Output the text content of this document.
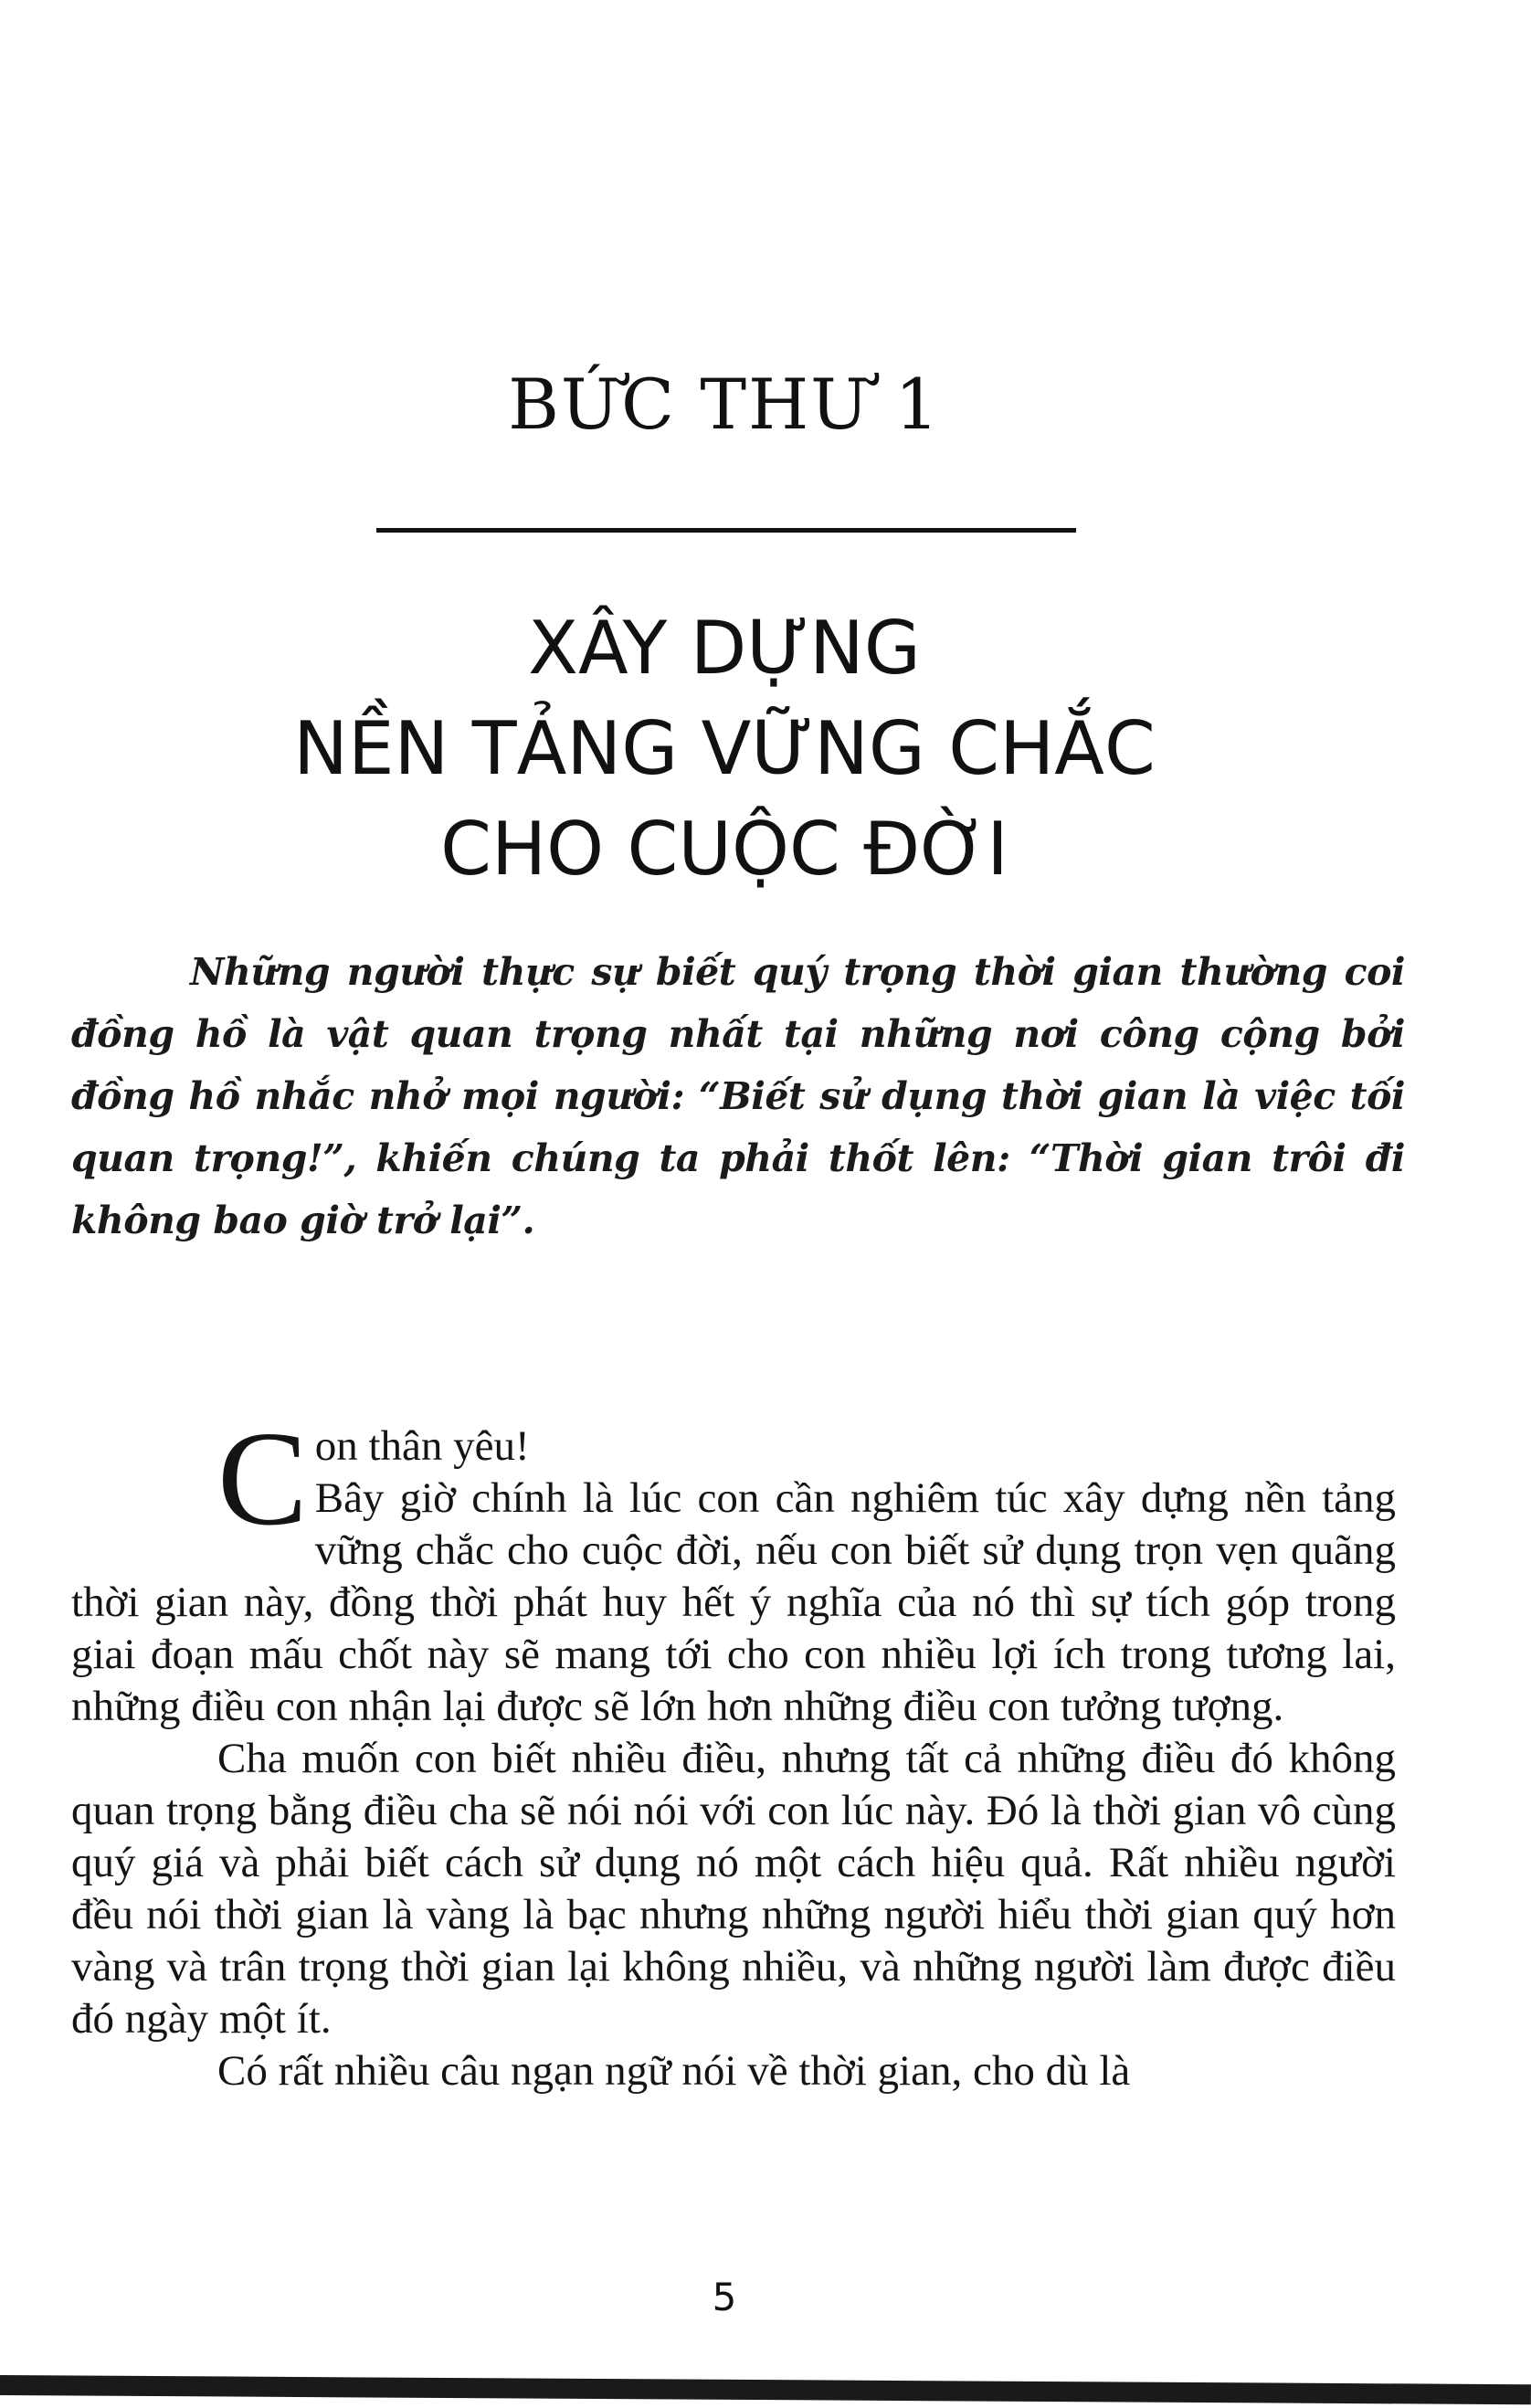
BỨC THƯ 1
XÂY DỰNG
NỀN TẢNG VỮNG CHẮC
CHO CUỘC ĐỜI
Những người thực sự biết quý trọng thời gian thường coi đồng hồ là vật quan trọng nhất tại những nơi công cộng bởi đồng hồ nhắc nhở mọi người: “Biết sử dụng thời gian là việc tối quan trọng!”, khiến chúng ta phải thốt lên: “Thời gian trôi đi không bao giờ trở lại”.

Con thân yêu!
Bây giờ chính là lúc con cần nghiêm túc xây dựng nền tảng vững chắc cho cuộc đời, nếu con biết sử dụng trọn vẹn quãng thời gian này, đồng thời phát huy hết ý nghĩa của nó thì sự tích góp trong giai đoạn mấu chốt này sẽ mang tới cho con nhiều lợi ích trong tương lai, những điều con nhận lại được sẽ lớn hơn những điều con tưởng tượng.

Cha muốn con biết nhiều điều, nhưng tất cả những điều đó không quan trọng bằng điều cha sẽ nói nói với con lúc này. Đó là thời gian vô cùng quý giá và phải biết cách sử dụng nó một cách hiệu quả. Rất nhiều người đều nói thời gian là vàng là bạc nhưng những người hiểu thời gian quý hơn vàng và trân trọng thời gian lại không nhiều, và những người làm được điều đó ngày một ít.

Có rất nhiều câu ngạn ngữ nói về thời gian, cho dù là

5
